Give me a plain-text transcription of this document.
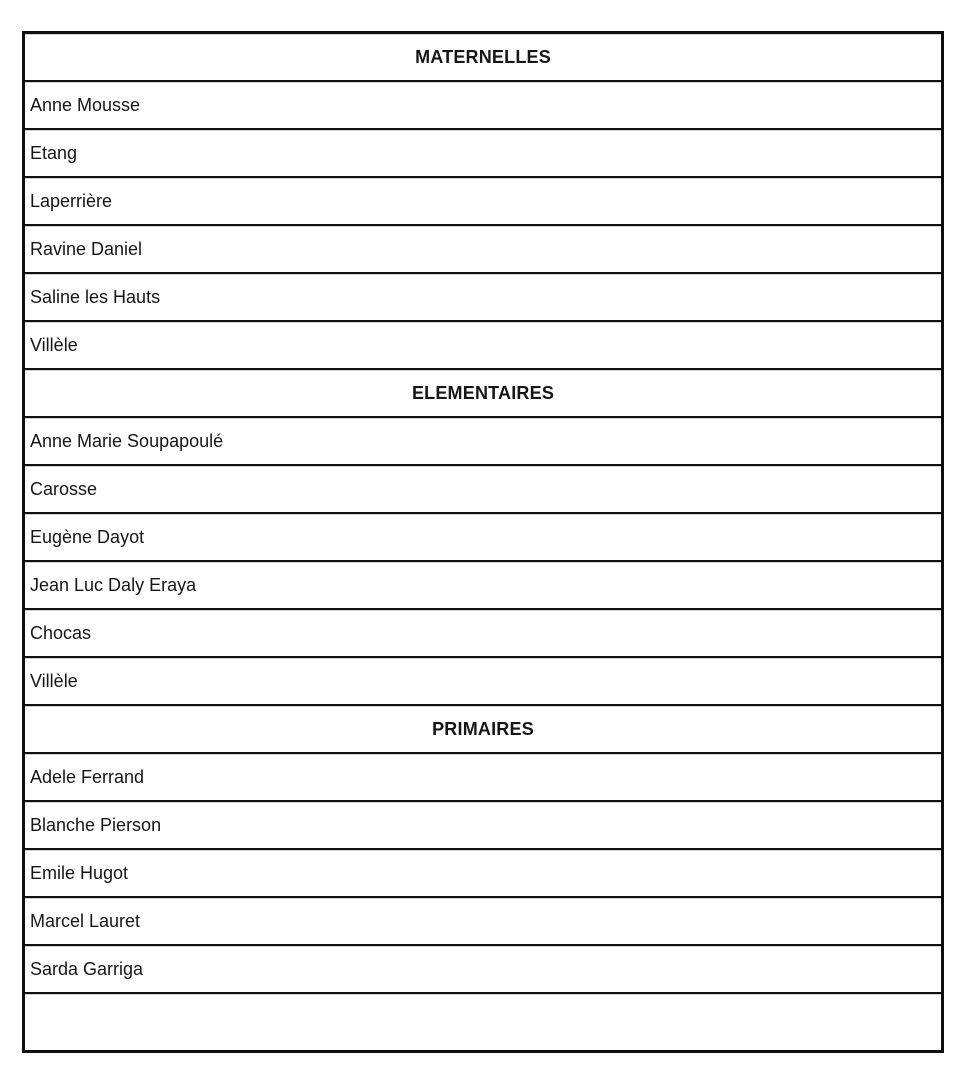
MATERNELLES
Anne Mousse
Etang
Laperrière
Ravine Daniel
Saline les Hauts
Villèle
ELEMENTAIRES
Anne Marie Soupapoulé
Carosse
Eugène Dayot
Jean Luc Daly Eraya
Chocas
Villèle
PRIMAIRES
Adele Ferrand
Blanche Pierson
Emile Hugot
Marcel Lauret
Sarda Garriga
